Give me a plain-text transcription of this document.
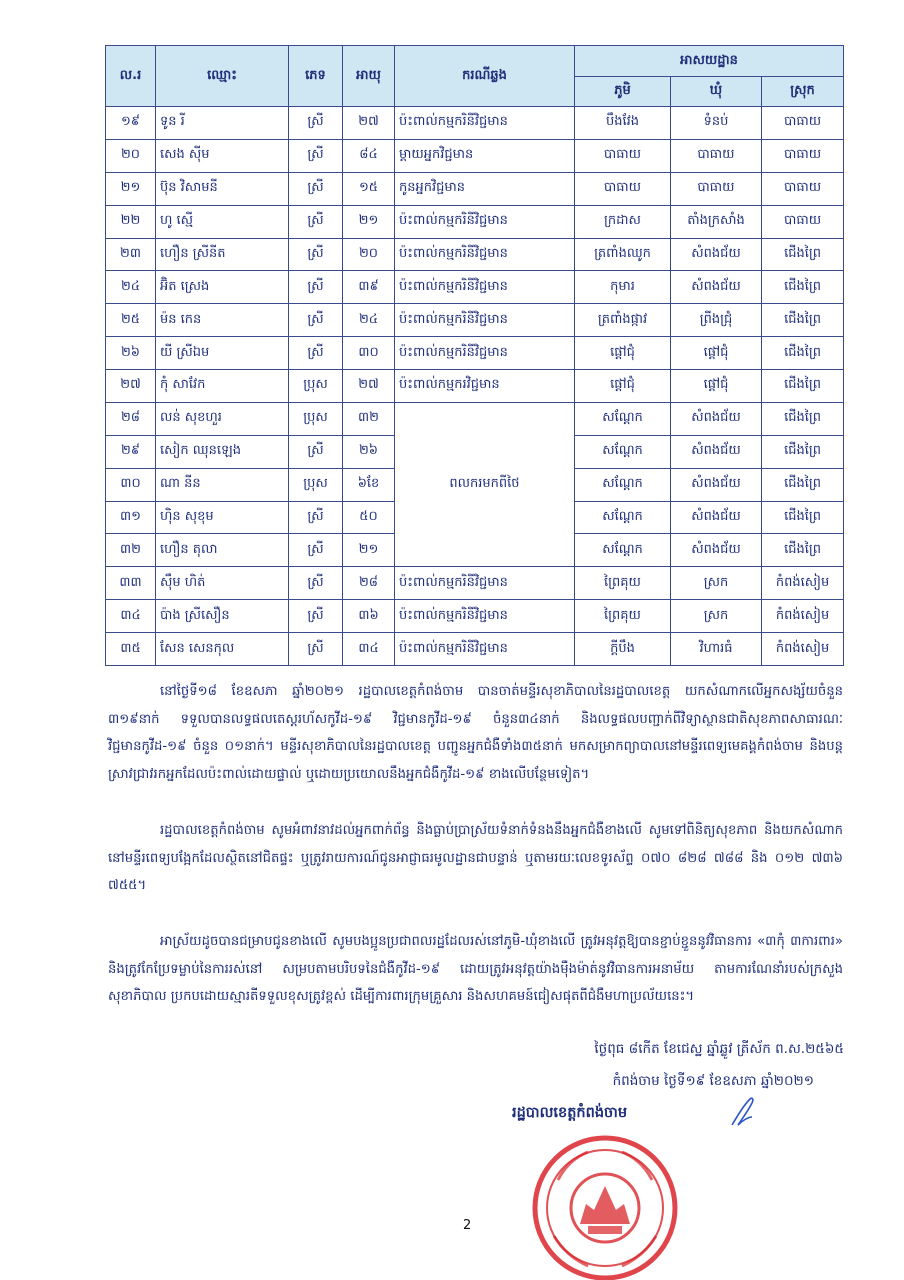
ល.រ	ឈ្មោះ	ភេទ	អាយុ	ករណីឆ្លង	អាសយដ្ឋាន		
					ភូមិ	ឃុំ	ស្រុក
១៩	ទូន រី	ស្រី	២៧	ប៉ះពាល់កម្មករិនីវិជ្ជមាន	បឹងវែង	ទំនប់	បាធាយ
២០	សេង ស៊ីម	ស្រី	៨៤	ម្ដាយអ្នកវិជ្ជមាន	បាធាយ	បាធាយ	បាធាយ
២១	ប៊ុន វិសាមនី	ស្រី	១៥	កូនអ្នកវិជ្ជមាន	បាធាយ	បាធាយ	បាធាយ
២២	ហូ ស្មើ	ស្រី	២១	ប៉ះពាល់កម្មករិនីវិជ្ជមាន	ក្រដាស	តាំងក្រសាំង	បាធាយ
២៣	ហឿន ស្រីនីត	ស្រី	២០	ប៉ះពាល់កម្មករិនីវិជ្ជមាន	ត្រពាំងឈូក	សំពងជ័យ	ជើងព្រៃ
២៤	អ៊ិត ស្រេង	ស្រី	៣៩	ប៉ះពាល់កម្មករិនីវិជ្ជមាន	កុមារ	សំពងជ័យ	ជើងព្រៃ
២៥	ម៉ន កេន	ស្រី	២៤	ប៉ះពាល់កម្មករិនីវិជ្ជមាន	ត្រពាំងផ្កាវ	ព្រីងជ្រុំ	ជើងព្រៃ
២៦	យី ស្រីឯម	ស្រី	៣០	ប៉ះពាល់កម្មករិនីវិជ្ជមាន	ផ្ដៅជុំ	ផ្ដៅជុំ	ជើងព្រៃ
២៧	កុំ សាវែក	ប្រុស	២៧	ប៉ះពាល់កម្មករវិជ្ជមាន	ផ្ដៅជុំ	ផ្ដៅជុំ	ជើងព្រៃ
២៨	លន់ សុខហួរ	ប្រុស	៣២	ពលករមកពីថៃ	សណ្ដែក	សំពងជ័យ	ជើងព្រៃ
២៩	សៀក ឈុនឡេង	ស្រី	២៦		សណ្ដែក	សំពងជ័យ	ជើងព្រៃ
៣០	ណា នីន	ប្រុស	៦ខែ		សណ្ដែក	សំពងជ័យ	ជើងព្រៃ
៣១	ហ៊ិន សុខុម	ស្រី	៥០		សណ្ដែក	សំពងជ័យ	ជើងព្រៃ
៣២	ហឿន តុលា	ស្រី	២១		សណ្ដែក	សំពងជ័យ	ជើងព្រៃ
៣៣	ស៊ឹម ហិត់	ស្រី	២៨	ប៉ះពាល់កម្មករិនីវិជ្ជមាន	ព្រៃគុយ	ស្រក	កំពង់សៀម
៣៤	ប៉ាង ស្រីសឿន	ស្រី	៣៦	ប៉ះពាល់កម្មករិនីវិជ្ជមាន	ព្រៃគុយ	ស្រក	កំពង់សៀម
៣៥	សែន សេនកុល	ស្រី	៣៤	ប៉ះពាល់កម្មករិនីវិជ្ជមាន	ក្តីបឹង	វិហារធំ	កំពង់សៀម

នៅថ្ងៃទី១៨ ខែឧសភា ឆ្នាំ២០២១ រដ្ឋបាលខេត្តកំពង់ចាម បានចាត់មន្ទីរសុខាភិបាលនៃរដ្ឋបាលខេត្ត យកសំណាកលើអ្នកសង្ស័យចំនួន ៣១៩នាក់ ទទួលបានលទ្ធផលតេស្តរហ័សកូវីដ-១៩ វិជ្ជមានកូវីដ-១៩ ចំនួន៣៤នាក់ និងលទ្ធផលបញ្ជាក់ពីវិទ្យាស្ថានជាតិសុខភាពសាធារណៈ វិជ្ជមានកូវីដ-១៩ ចំនួន ០១នាក់។ មន្ទីរសុខាភិបាលនៃរដ្ឋបាលខេត្ត បញ្ជូនអ្នកជំងឺទាំង៣៥នាក់ មកសម្រាកព្យាបាលនៅមន្ទីរពេទ្យមេគង្គកំពង់ចាម និងបន្តស្រាវជ្រាវរកអ្នកដែលប៉ះពាល់ដោយផ្ទាល់ ឬដោយប្រយោលនឹងអ្នកជំងឺកូវីដ-១៩ ខាងលើបន្ថែមទៀត។

រដ្ឋបាលខេត្តកំពង់ចាម សូមអំពាវនាវដល់អ្នកពាក់ព័ន្ធ និងធ្លាប់ប្រាស្រ័យទំនាក់ទំនងនឹងអ្នកជំងឺខាងលើ សូមទៅពិនិត្យសុខភាព និងយកសំណាក នៅមន្ទីរពេទ្យបង្អែកដែលស្ថិតនៅជិតផ្ទះ ឬត្រូវរាយការណ៍ជូនអាជ្ញាធរមូលដ្ឋានជាបន្ទាន់ ឬតាមរយៈលេខទូរស័ព្ទ ០៧០ ៨២៨ ៧៨៨ និង ០១២ ៧៣៦ ៧៥៥។

អាស្រ័យដូចបានជម្រាបជូនខាងលើ សូមបងប្អូនប្រជាពលរដ្ឋដែលរស់នៅភូមិ-ឃុំខាងលើ ត្រូវអនុវត្តឱ្យបានខ្ជាប់ខ្ជួននូវវិធានការ «៣កុំ ៣ការពារ» និងត្រូវកែប្រែទម្លាប់នៃការរស់នៅ សម្របតាមបរិបទនៃជំងឺកូវីដ-១៩ ដោយត្រូវអនុវត្តយ៉ាងម៉ឺងម៉ាត់នូវវិធានការអនាម័យ តាមការណែនាំរបស់ក្រសួងសុខាភិបាល ប្រកបដោយស្មារតីទទួលខុសត្រូវខ្ពស់ ដើម្បីការពារក្រុមគ្រួសារ និងសហគមន៍ជៀសផុតពីជំងឺមហាប្រល័យនេះ។

ថ្ងៃពុធ ៨កើត ខែជេស្ឋ ឆ្នាំឆ្លូវ ត្រីស័ក ព.ស.២៥៦៥
កំពង់ចាម ថ្ងៃទី១៩ ខែឧសភា ឆ្នាំ២០២១
រដ្ឋបាលខេត្តកំពង់ចាម
2
